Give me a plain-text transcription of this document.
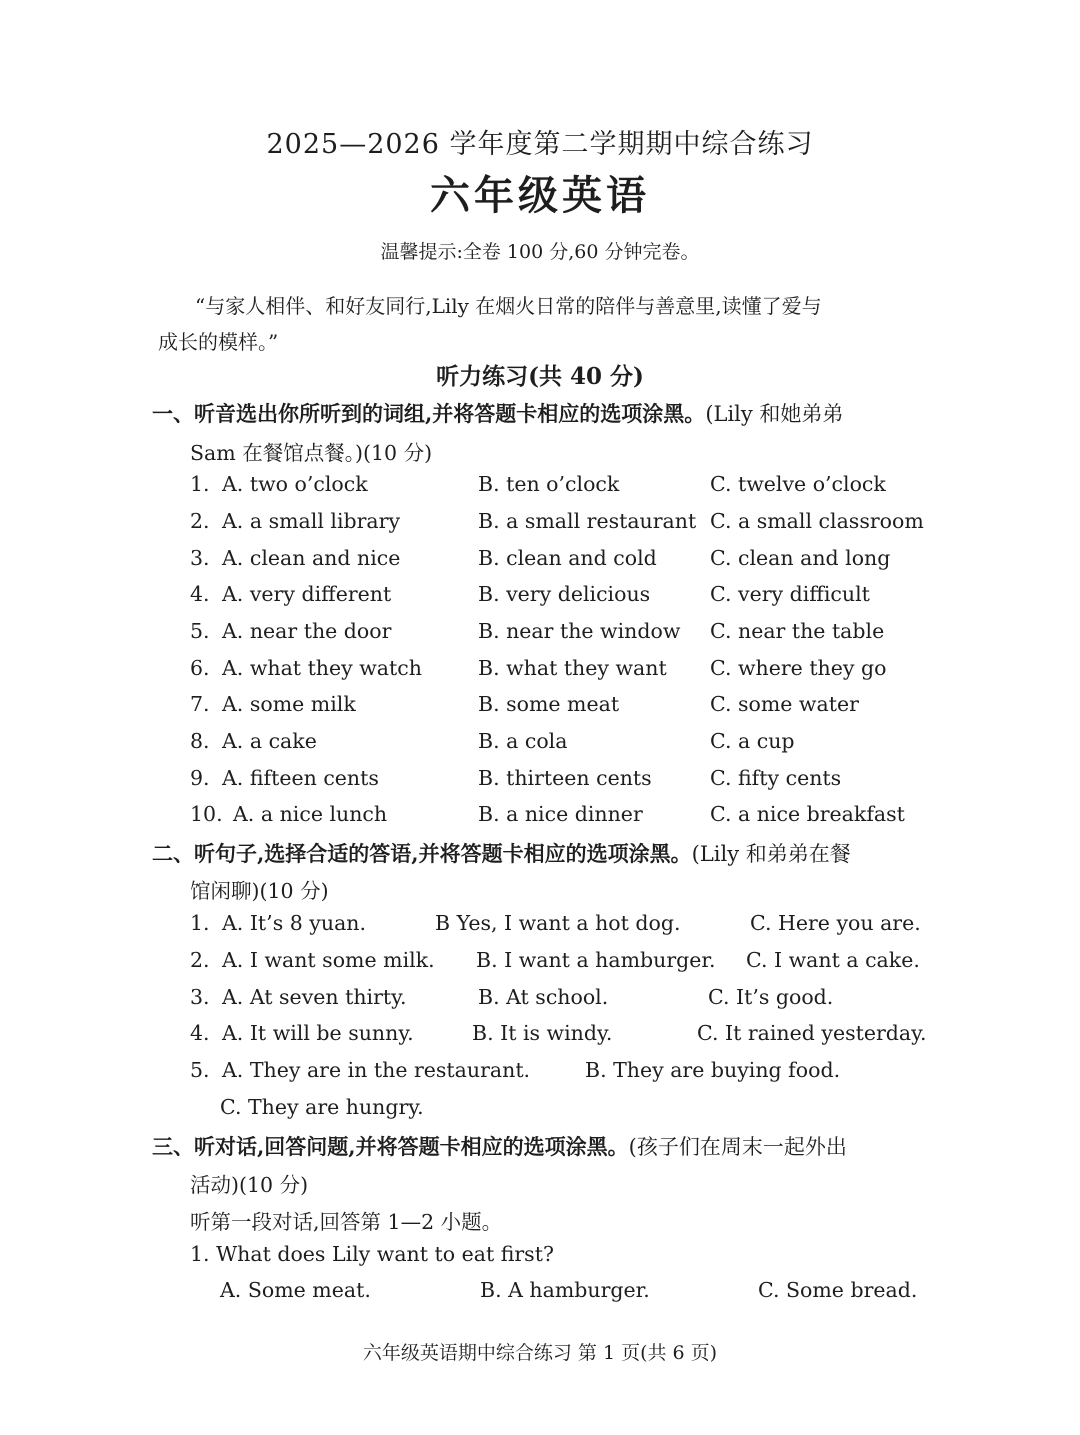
2025—2026 学年度第二学期期中综合练习
六年级英语
温馨提示:全卷 100 分,60 分钟完卷。
“与家人相伴、和好友同行,Lily 在烟火日常的陪伴与善意里,读懂了爱与
成长的模样。”
听力练习(共 40 分)
一、听音选出你所听到的词组,并将答题卡相应的选项涂黑。(Lily 和她弟弟
Sam 在餐馆点餐。)(10 分)
1. A. two o’clock	B. ten o’clock	C. twelve o’clock
2. A. a small library	B. a small restaurant C. a small classroom
3. A. clean and nice	B. clean and cold	C. clean and long
4. A. very different	B. very delicious	C. very difficult
5. A. near the door	B. near the window C. near the table
6. A. what they watch	B. what they want C. where they go
7. A. some milk	B. some meat	C. some water
8. A. a cake	B. a cola	C. a cup
9. A. fifteen cents	B. thirteen cents	C. fifty cents
10. A. a nice lunch	B. a nice dinner	C. a nice breakfast
二、听句子,选择合适的答语,并将答题卡相应的选项涂黑。(Lily 和弟弟在餐
馆闲聊)(10 分)
1. A. It’s 8 yuan.	B Yes, I want a hot dog.	C. Here you are.
2. A. I want some milk. B. I want a hamburger. C. I want a cake.
3. A. At seven thirty.	B. At school.	C. It’s good.
4. A. It will be sunny.	B. It is windy.	C. It rained yesterday.
5. A. They are in the restaurant.	B. They are buying food.
C. They are hungry.
三、听对话,回答问题,并将答题卡相应的选项涂黑。(孩子们在周末一起外出
活动)(10 分)
听第一段对话,回答第 1—2 小题。
1. What does Lily want to eat first?
A. Some meat.	B. A hamburger.	C. Some bread.
六年级英语期中综合练习 第 1 页(共 6 页)
